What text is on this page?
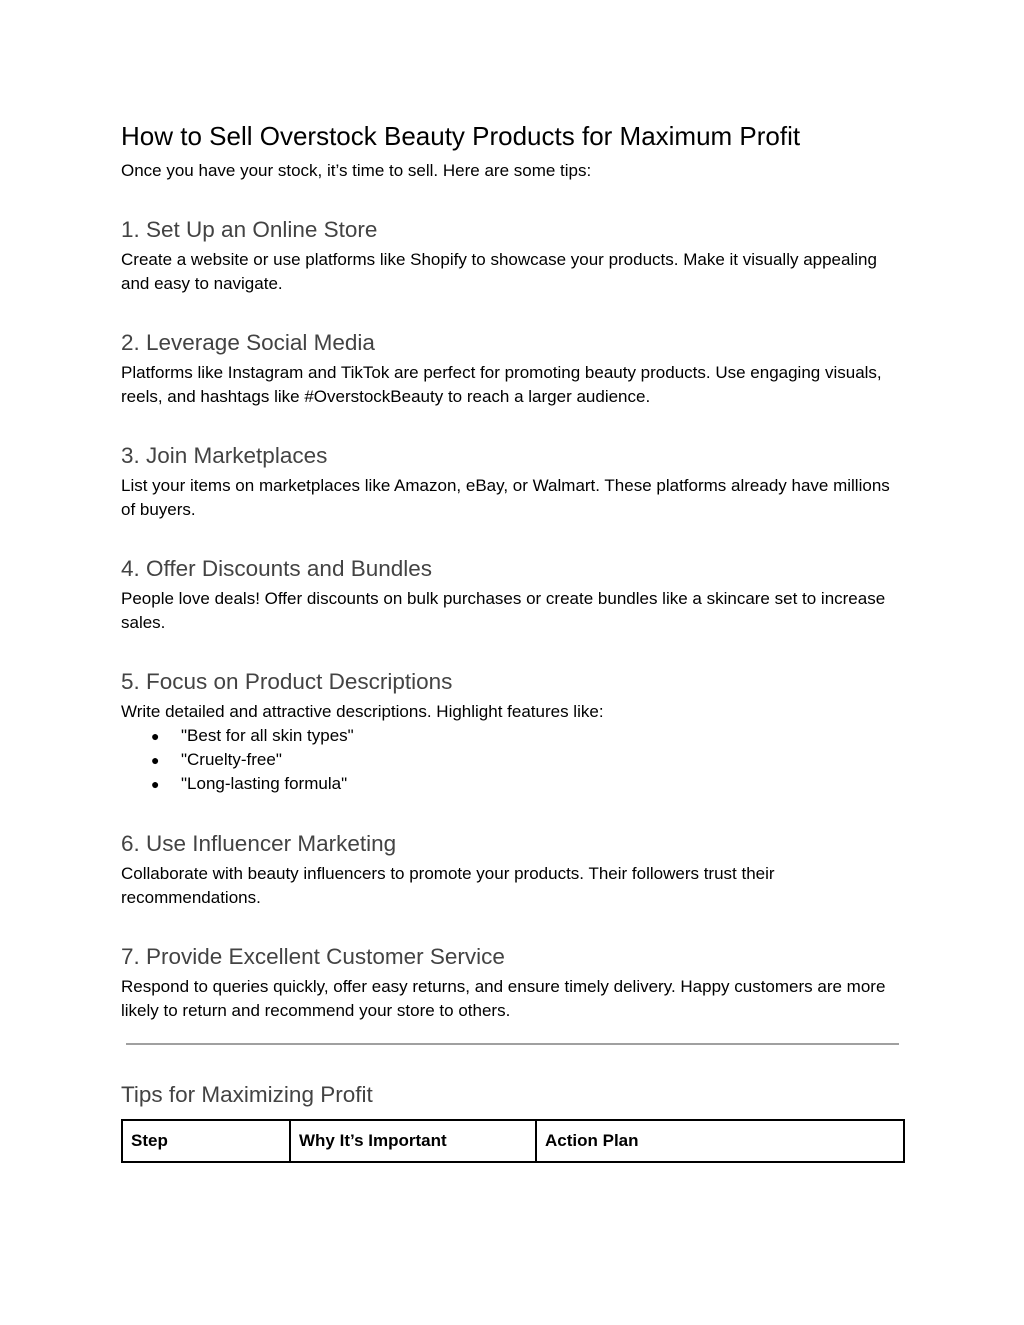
How to Sell Overstock Beauty Products for Maximum Profit

Once you have your stock, it’s time to sell. Here are some tips:

1. Set Up an Online Store

Create a website or use platforms like Shopify to showcase your products. Make it visually appealing and easy to navigate.

2. Leverage Social Media

Platforms like Instagram and TikTok are perfect for promoting beauty products. Use engaging visuals, reels, and hashtags like #OverstockBeauty to reach a larger audience.

3. Join Marketplaces

List your items on marketplaces like Amazon, eBay, or Walmart. These platforms already have millions of buyers.

4. Offer Discounts and Bundles

People love deals! Offer discounts on bulk purchases or create bundles like a skincare set to increase sales.

5. Focus on Product Descriptions

Write detailed and attractive descriptions. Highlight features like:

● "Best for all skin types"
● "Cruelty-free"
● "Long-lasting formula"
6. Use Influencer Marketing

Collaborate with beauty influencers to promote your products. Their followers trust their recommendations.

7. Provide Excellent Customer Service

Respond to queries quickly, offer easy returns, and ensure timely delivery. Happy customers are more likely to return and recommend your store to others.

Tips for Maximizing Profit
Step	Why It’s Important	Action Plan
